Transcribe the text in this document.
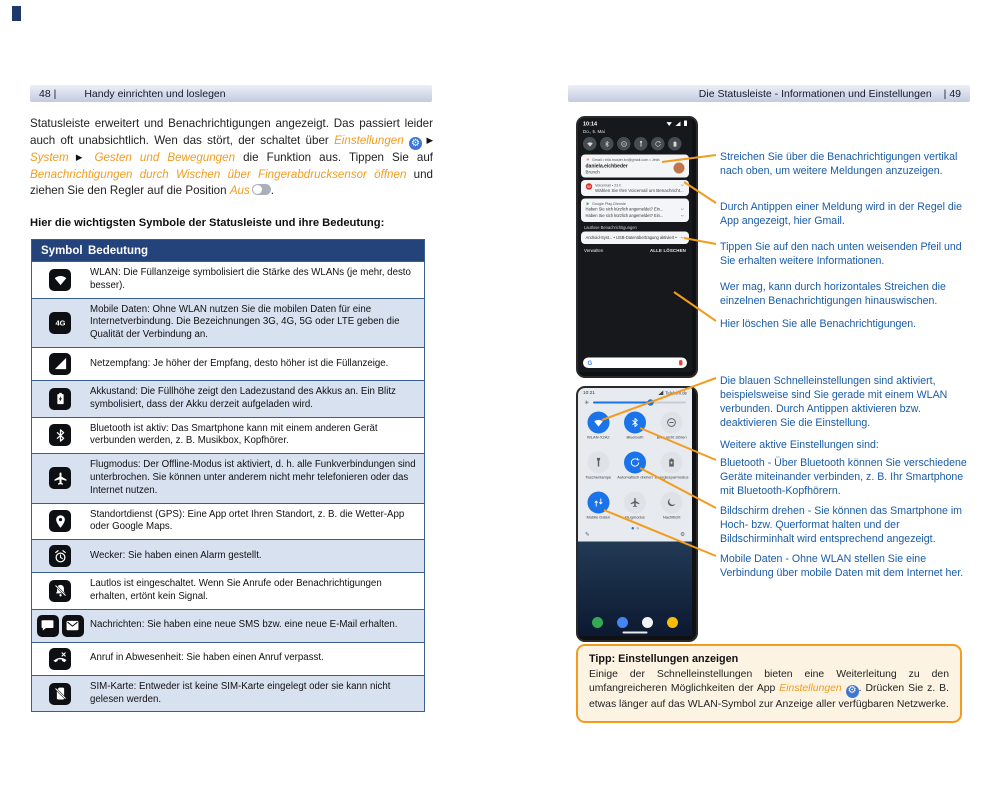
48 |	Handy einrichten und loslegen	Die Statusleiste - Informationen und Einstellungen | 49
Statusleiste erweitert und Benachrichtigungen angezeigt. Das passiert leider auch oft unabsichtlich. Wen das stört, der schaltet über Einstellungen ⚙ ▶ System ▶ Gesten und Bewegungen die Funktion aus. Tippen Sie auf Benachrichtigungen durch Wischen über Fingerabdrucksensor öffnen und ziehen Sie den Regler auf die Position Aus .
Hier die wichtigsten Symbole der Statusleiste und ihre Bedeutung:
Symbol Bedeutung
WLAN: Die Füllanzeige symbolisiert die Stärke des WLANs (je mehr, desto besser).
4G
Mobile Daten: Ohne WLAN nutzen Sie die mobilen Daten für eine Internetverbindung. Die Bezeichnungen 3G, 4G, 5G oder LTE geben die Qualität der Verbindung an.
Netzempfang: Je höher der Empfang, desto höher ist die Füllanzeige.
Akkustand: Die Füllhöhe zeigt den Ladezustand des Akkus an. Ein Blitz symbolisiert, dass der Akku derzeit aufgeladen wird.
Bluetooth ist aktiv: Das Smartphone kann mit einem anderen Gerät verbunden werden, z. B. Musikbox, Kopfhörer.
Flugmodus: Der Offline-Modus ist aktiviert, d. h. alle Funkverbindungen sind unterbrochen. Sie können unter anderem nicht mehr telefonieren oder das Internet nutzen.
Standortdienst (GPS): Eine App ortet Ihren Standort, z. B. die Wetter-App oder Google Maps.
Wecker: Sie haben einen Alarm gestellt.
Lautlos ist eingeschaltet. Wenn Sie Anrufe oder Benachrichtigungen erhalten, ertönt kein Signal.
Nachrichten: Sie haben eine neue SMS bzw. eine neue E-Mail erhalten.
Anruf in Abwesenheit: Sie haben einen Anruf verpasst.
SIM-Karte: Entweder ist keine SIM-Karte eingelegt oder sie kann nicht gelesen werden.
10:14

Do., 5. Mai
M Gmail • ella.muster.bv@gmail.com • Jetzt
daniela.eichbeder
Brunch
Voicemail • 23 h
Wählen Sie Ihre Voicemail um Benachricht...
Google Play-Dienste
Haben Sie sich kürzlich angemeldet? Ein...
Haben Sie sich kürzlich angemeldet? Ein...
Lautlose Benachrichtigungen
Android-Syst... • USB-Datenübertragung aktiviert •
Verwalten	ALLE LÖSCHEN
G
10:21	Telekom.de
☀
WLAN-X2A2	Bluetooth	Bitte nicht stören
Taschenlampe Automatisch drehen Energiesparmodus
Mobile Daten	Flugmodus	Nachtlicht
✎	⚙
Streichen Sie über die Benachrichtigungen vertikal nach oben, um weitere Meldungen anzuzeigen.
Durch Antippen einer Meldung wird in der Regel die App angezeigt, hier Gmail.
Tippen Sie auf den nach unten weisenden Pfeil und Sie erhalten weitere Informationen.
Wer mag, kann durch horizontales Streichen die einzelnen Benachrichtigungen hinauswischen.
Hier löschen Sie alle Benachrichtigungen.
Die blauen Schnelleinstellungen sind aktiviert, beispielsweise sind Sie gerade mit einem WLAN verbunden. Durch Antippen aktivieren bzw. deaktivieren Sie die Einstellung.
Weitere aktive Einstellungen sind:
Bluetooth - Über Bluetooth können Sie verschiedene Geräte miteinander verbinden, z. B. Ihr Smartphone mit Bluetooth-Kopfhörern.
Bildschirm drehen - Sie können das Smartphone im Hoch- bzw. Querformat halten und der Bildschirminhalt wird entsprechend angezeigt.
Mobile Daten - Ohne WLAN stellen Sie eine Verbindung über mobile Daten mit dem Internet her.
Tipp: Einstellungen anzeigen
Einige der Schnelleinstellungen bieten eine Weiterleitung zu den umfangreicheren Möglichkeiten der App Einstellungen ⚙ . Drücken Sie z. B. etwas länger auf das WLAN-Symbol zur Anzeige aller verfügbaren Netzwerke.
